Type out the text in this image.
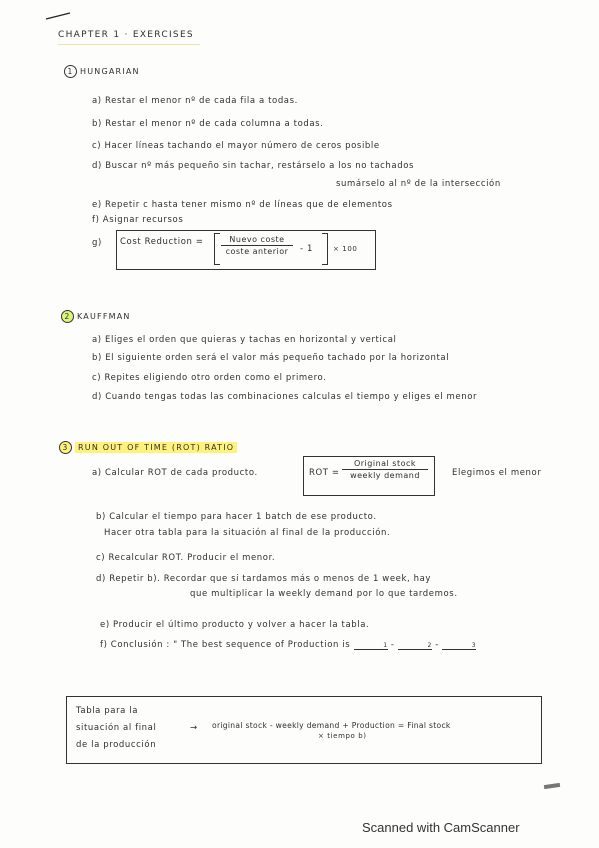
CHAPTER 1 · EXERCISES
1 HUNGARIAN
a) Restar el menor nº de cada fila a todas.
b) Restar el menor nº de cada columna a todas.
c) Hacer líneas tachando el mayor número de ceros posible
d) Buscar nº más pequeño sin tachar, restárselo a los no tachados
sumárselo al nº de la intersección
e) Repetir c hasta tener mismo nº de líneas que de elementos
f) Asignar recursos
g) Cost Reduction =	Nuevo coste
coste anterior	- 1	× 100
2 KAUFFMAN
a) Eliges el orden que quieras y tachas en horizontal y vertical
b) El siguiente orden será el valor más pequeño tachado por la horizontal
c) Repites eligiendo otro orden como el primero.
d) Cuando tengas todas las combinaciones calculas el tiempo y eliges el menor
3 RUN OUT OF TIME (ROT) RATIO
a) Calcular ROT de cada producto.	ROT =
Original stock
weekly demand	Elegimos el menor
b) Calcular el tiempo para hacer 1 batch de ese producto.
Hacer otra tabla para la situación al final de la producción.
c) Recalcular ROT. Producir el menor.
d) Repetir b). Recordar que si tardamos más o menos de 1 week, hay
que multiplicar la weekly demand por lo que tardemos.
e) Producir el último producto y volver a hacer la tabla.
f) Conclusión : " The best sequence of Production is	1 -	2 -	3
Tabla para la
situación al final
de la producción
→ original stock - weekly demand + Production = Final stock
× tiempo b)
Scanned with CamScanner
